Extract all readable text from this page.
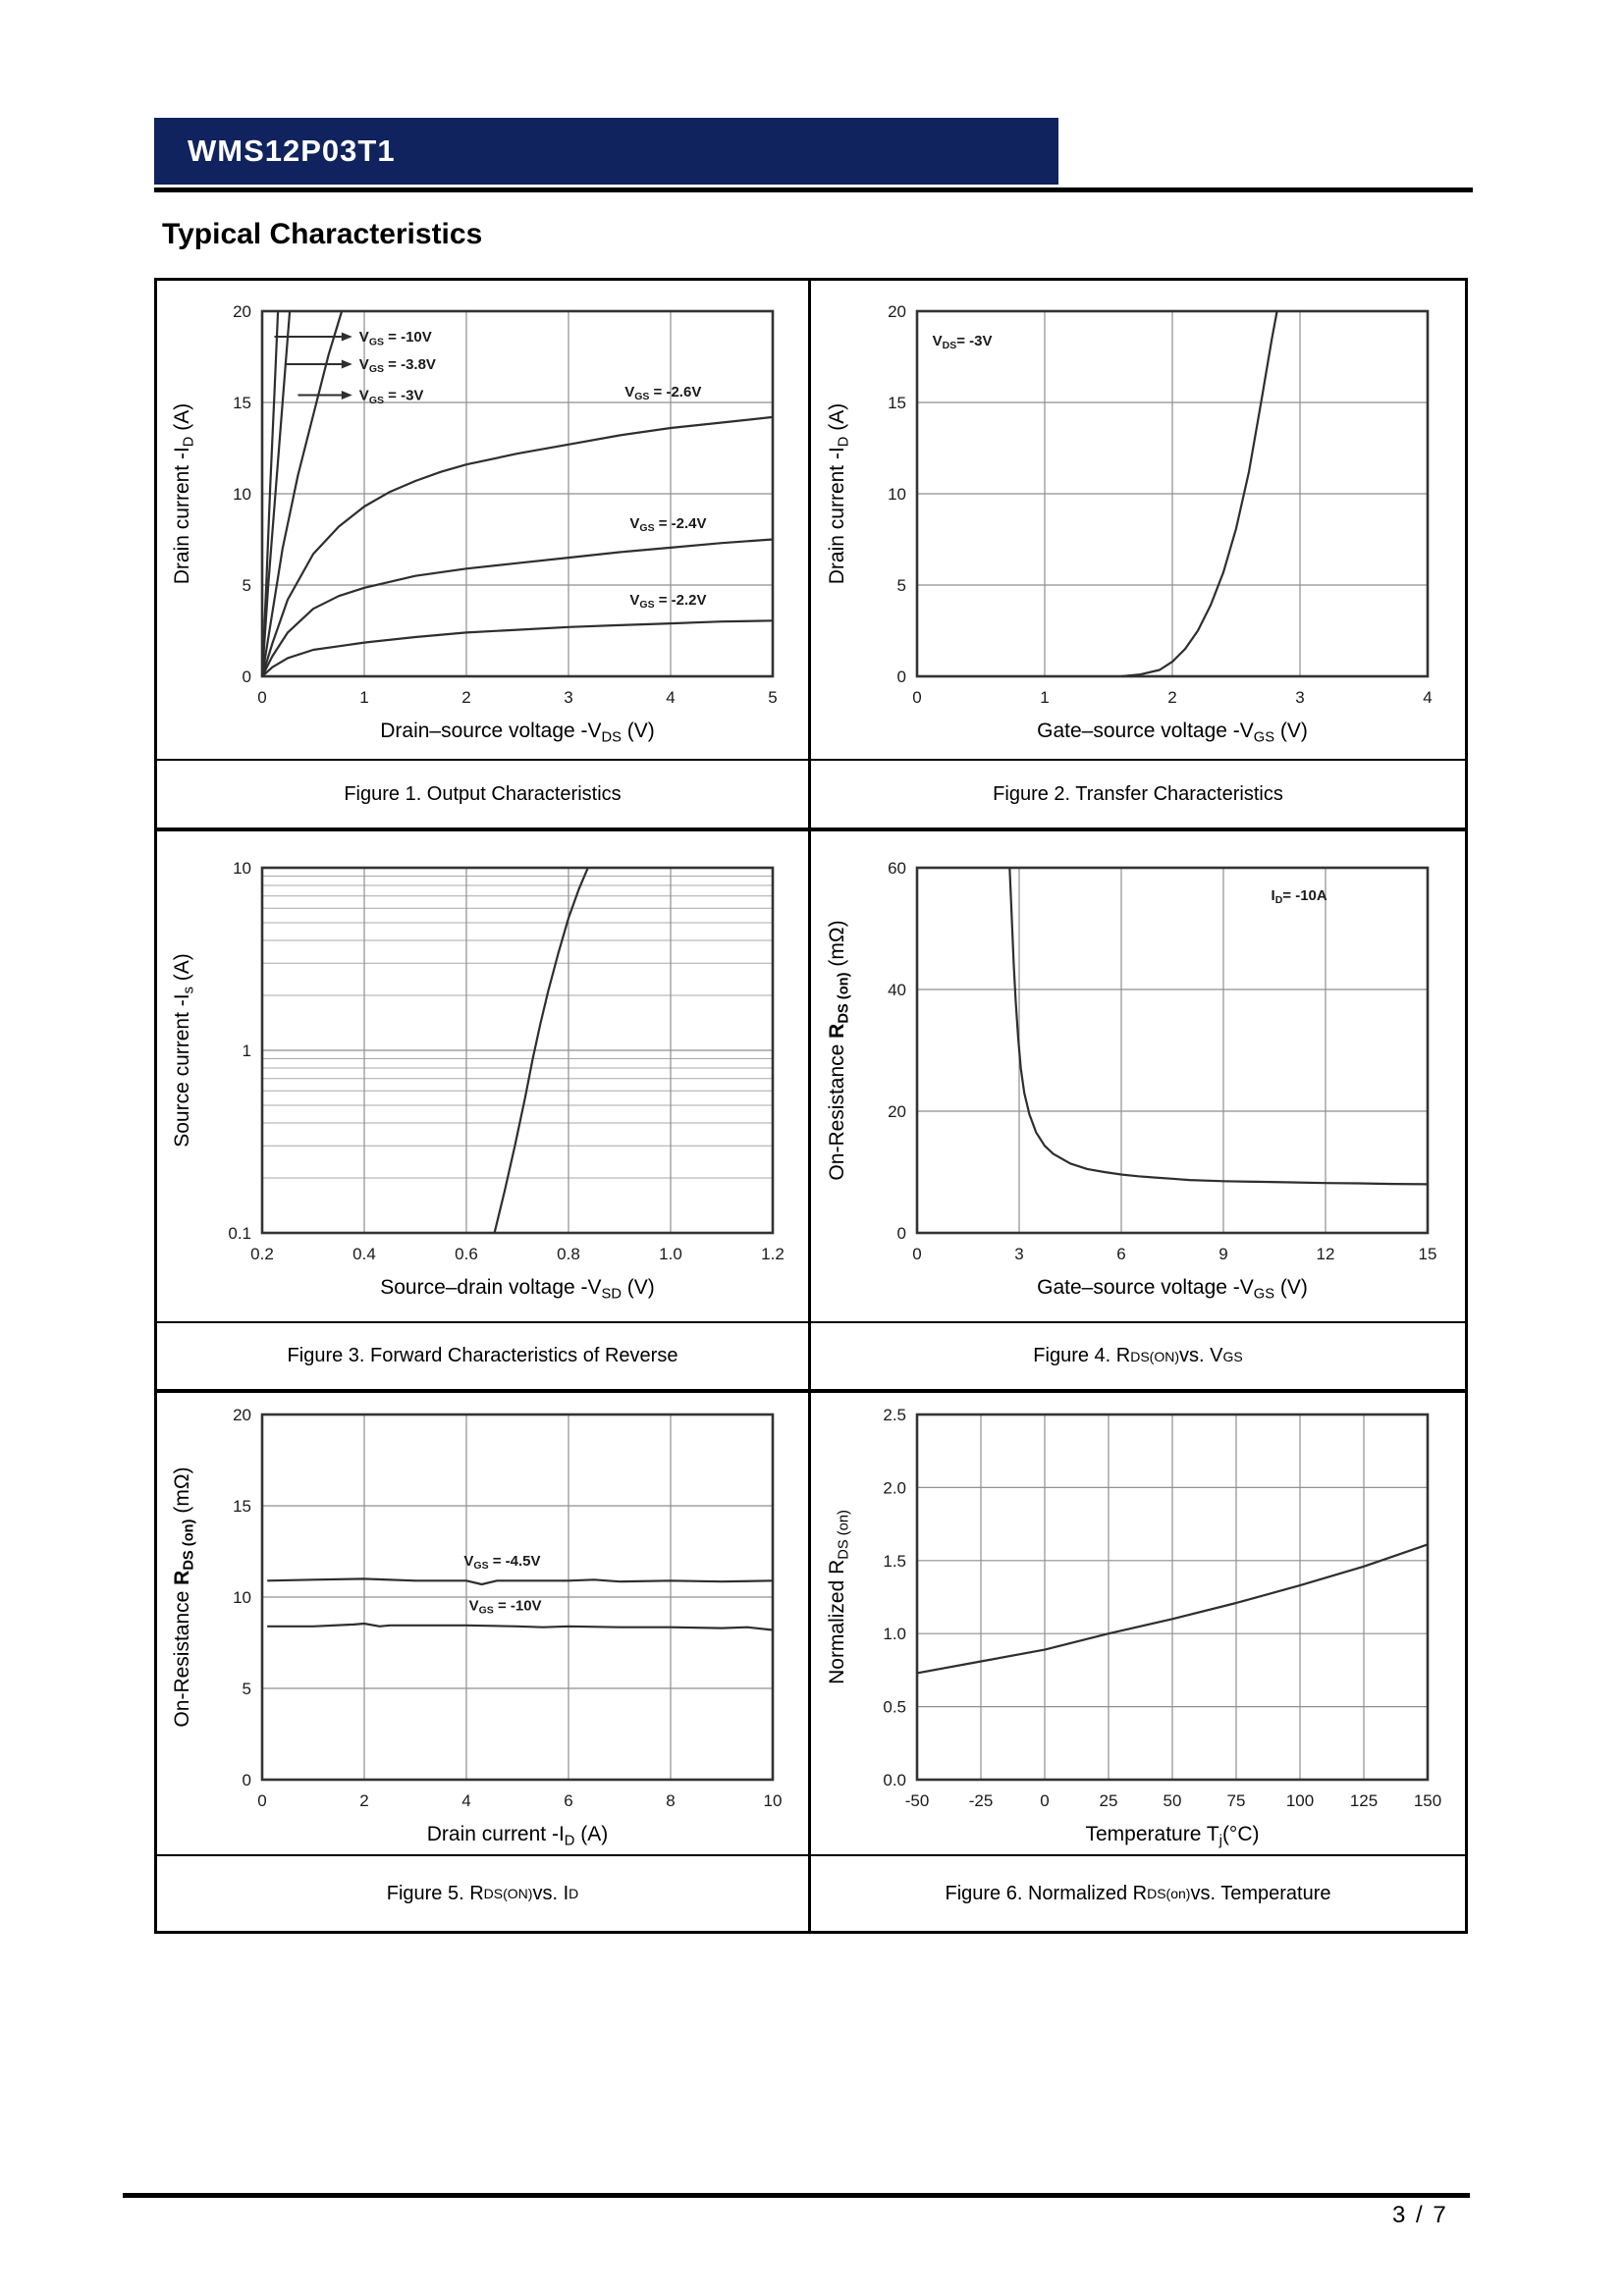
WMS12P03T1
Typical Characteristics
$V_{GS} = -10V$
$V_{GS} = -3.8V$
$V_{GS} = -3V$	$V_{GS} = -2.6V$
$V_{GS} = -2.4V$
$V_{GS} = -2.2V$
0	1	2	3	4	5
0
5
10
15
20
Drain–source voltage $-V_{DS}$ (V)
Drain current $-I_D$ (A)
$V_{DS}= -3V$
0	1	2	3	4
0
5
10
15
20
Gate–source voltage $-V_{GS}$ (V)
Drain current $-I_D$ (A)
Figure 1. Output Characteristics	Figure 2. Transfer Characteristics
0.2	0.4	0.6	0.8	1.0	1.2
0.1
1
10
Source–drain voltage $-V_{SD}$ (V)
Source current $-I_s$ (A)
$I_D= -10A$
0	3	6	9	12	15
0
20
40
60
Gate–source voltage $-V_{GS}$ (V)
On-Resistance $R_{DS (on)}$ (mΩ)
Figure 3. Forward Characteristics of Reverse	Figure 4. R DS(ON) vs. V GS
$V_{GS} = -4.5V$
$V_{GS} = -10V$
0	2	4	6	8	10
0
5
10
15
20
Drain current $-I_D$ (A)
On-Resistance $R_{DS (on)}$ (mΩ)
-50 -25	0	25	50	75 100 125 150
0.0
0.5
1.0
1.5
2.0
2.5
Temperature $T_j(^\circ C)$
Normalized $R_{DS (on)}$
Figure 5. R DS(ON) vs. I D	Figure 6. Normalized R DS(on) vs. Temperature
3 / 7
